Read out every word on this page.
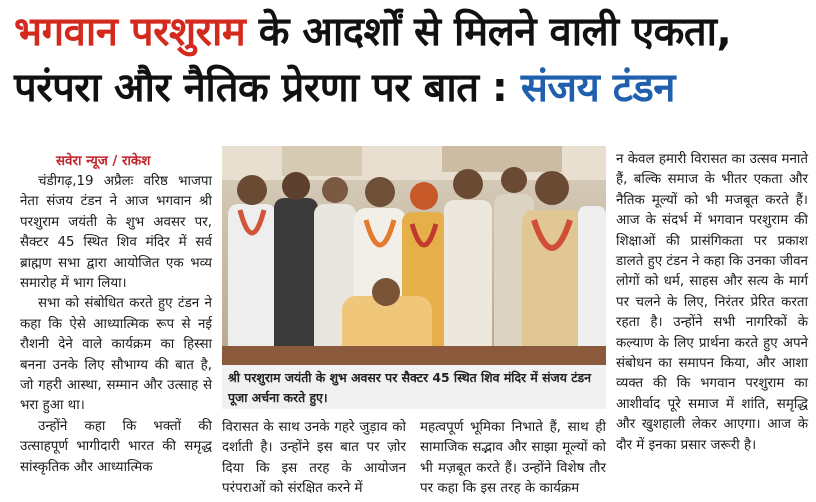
भगवान परशुराम के आदर्शों से मिलने वाली एकता,
परंपरा और नैतिक प्रेरणा पर बात : संजय टंडन
सवेरा न्यूज / राकेश

चंडीगढ़,19 अप्रैलः वरिष्ठ भाजपा नेता संजय टंडन ने आज भगवान श्री परशुराम जयंती के शुभ अवसर पर, सैक्टर 45 स्थित शिव मंदिर में सर्व ब्राह्मण सभा द्वारा आयोजित एक भव्य समारोह में भाग लिया।

सभा को संबोधित करते हुए टंडन ने कहा कि ऐसे आध्यात्मिक रूप से नई रौशनी देने वाले कार्यक्रम का हिस्सा बनना उनके लिए सौभाग्य की बात है, जो गहरी आस्था, सम्मान और उत्साह से भरा हुआ था।

उन्होंने कहा कि भक्तों की उत्साहपूर्ण भागीदारी भारत की समृद्ध सांस्कृतिक और आध्यात्मिक

श्री परशुराम जयंती के शुभ अवसर पर सैक्टर 45 स्थित शिव मंदिर में संजय टंडन पूजा अर्चना करते हुए।

विरासत के साथ उनके गहरे जुड़ाव को दर्शाती है। उन्होंने इस बात पर ज़ोर दिया कि इस तरह के आयोजन परंपराओं को संरक्षित करने में

महत्वपूर्ण भूमिका निभाते हैं, साथ ही सामाजिक सद्भाव और साझा मूल्यों को भी मज़बूत करते हैं। उन्होंने विशेष तौर पर कहा कि इस तरह के कार्यक्रम

न केवल हमारी विरासत का उत्सव मनाते हैं, बल्कि समाज के भीतर एकता और नैतिक मूल्यों को भी मजबूत करते हैं। आज के संदर्भ में भगवान परशुराम की शिक्षाओं की प्रासंगिकता पर प्रकाश डालते हुए टंडन ने कहा कि उनका जीवन लोगों को धर्म, साहस और सत्य के मार्ग पर चलने के लिए, निरंतर प्रेरित करता रहता है। उन्होंने सभी नागरिकों के कल्याण के लिए प्रार्थना करते हुए अपने संबोधन का समापन किया, और आशा व्यक्त की कि भगवान परशुराम का आशीर्वाद पूरे समाज में शांति, समृद्धि और खुशहाली लेकर आएगा। आज के दौर में इनका प्रसार जरूरी है।
